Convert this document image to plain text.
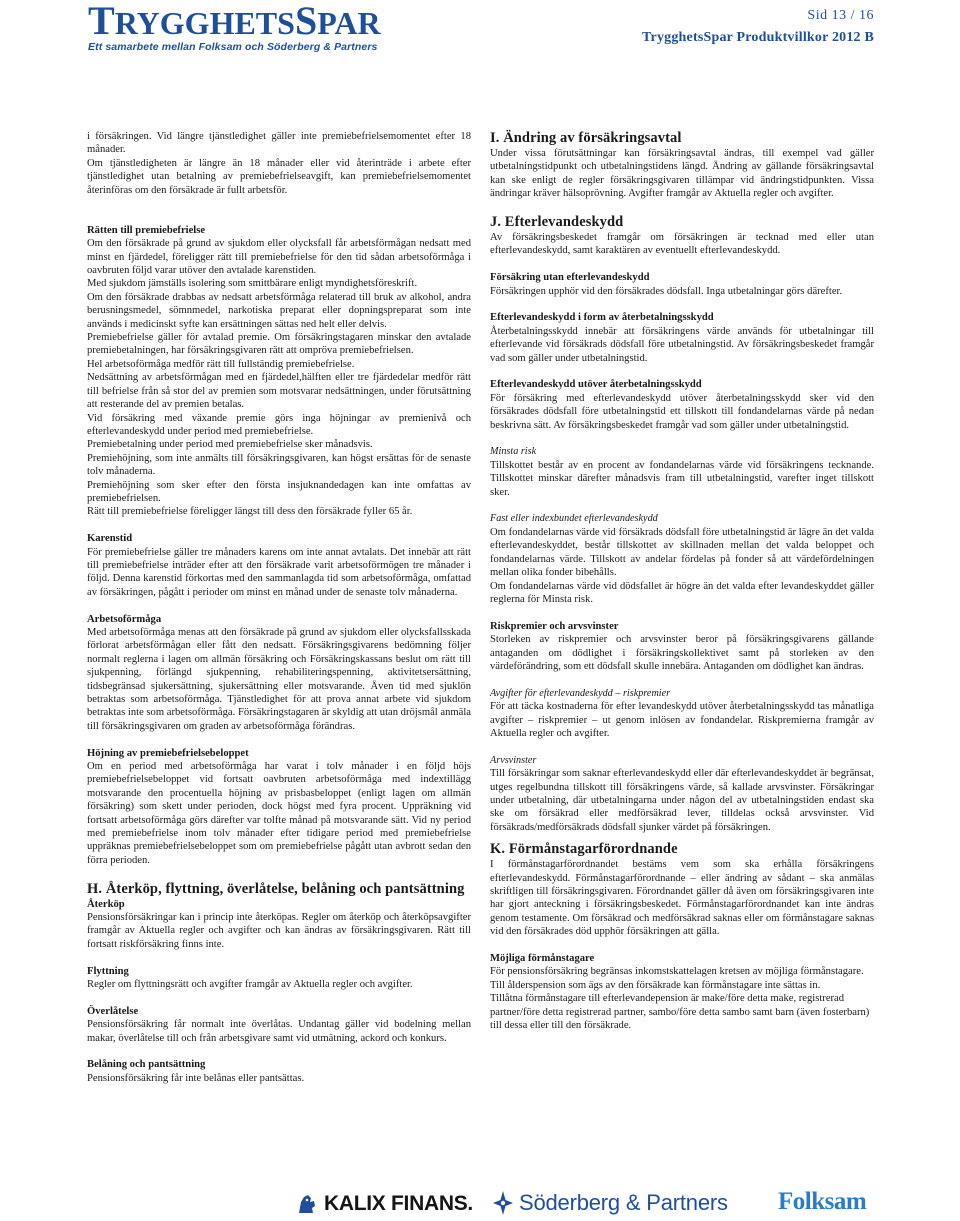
TRYGGHETSSPAR
Ett samarbete mellan Folksam och Söderberg & Partners
Sid 13 / 16
TrygghetsSpar Produktvillkor 2012 B

i försäkringen. Vid längre tjänstledighet gäller inte premiebefrielsemomentet efter 18 månader.

Om tjänstledigheten är längre än 18 månader eller vid återinträde i arbete efter tjänstledighet utan betalning av premiebefrielseavgift, kan premiebefrielsemomentet återinföras om den försäkrade är fullt arbetsför.

Rätten till premiebefrielse

Om den försäkrade på grund av sjukdom eller olycksfall får arbetsförmågan nedsatt med minst en fjärdedel, föreligger rätt till premiebefrielse för den tid sådan arbetsoförmåga i oavbruten följd varar utöver den avtalade karenstiden.

Med sjukdom jämställs isolering som smittbärare enligt myndighetsföreskrift.

Om den försäkrade drabbas av nedsatt arbetsförmåga relaterad till bruk av alkohol, andra berusningsmedel, sömnmedel, narkotiska preparat eller dopningspreparat som inte används i medicinskt syfte kan ersättningen sättas ned helt eller delvis.

Premiebefrielse gäller för avtalad premie. Om försäkringstagaren minskar den avtalade premiebetalningen, har försäkringsgivaren rätt att ompröva premiebefrielsen.

Hel arbetsoförmåga medför rätt till fullständig premiebefrielse.

Nedsättning av arbetsförmågan med en fjärdedel,hälften eller tre fjärdedelar medför rätt till befrielse från så stor del av premien som motsvarar nedsättningen, under förutsättning att resterande del av premien betalas.

Vid försäkring med växande premie görs inga höjningar av premienivå och efterlevandeskydd under period med premiebefrielse.

Premiebetalning under period med premiebefrielse sker månadsvis.

Premiehöjning, som inte anmälts till försäkringsgivaren, kan högst ersättas för de senaste tolv månaderna.

Premiehöjning som sker efter den första insjuknandedagen kan inte omfattas av premiebefrielsen.

Rätt till premiebefrielse föreligger längst till dess den försäkrade fyller 65 år.

Karenstid

För premiebefrielse gäller tre månaders karens om inte annat avtalats. Det innebär att rätt till premiebefrielse inträder efter att den försäkrade varit arbetsoförmögen tre månader i följd. Denna karenstid förkortas med den sammanlagda tid som arbetsoförmåga, omfattad av försäkringen, pågått i perioder om minst en månad under de senaste tolv månaderna.

Arbetsoförmåga

Med arbetsoförmåga menas att den försäkrade på grund av sjukdom eller olycksfallsskada förlorat arbetsförmågan eller fått den nedsatt. Försäkringsgivarens bedömning följer normalt reglerna i lagen om allmän försäkring och Försäkringskassans beslut om rätt till sjukpenning, förlängd sjukpenning, rehabiliteringspenning, aktivitetsersättning, tidsbegränsad sjukersättning, sjukersättning eller motsvarande. Även tid med sjuklön betraktas som arbetsoförmåga. Tjänstledighet för att prova annat arbete vid sjukdom betraktas inte som arbetsoförmåga. Försäkringstagaren är skyldig att utan dröjsmål anmäla till försäkringsgivaren om graden av arbetsoförmåga förändras.

Höjning av premiebefrielsebeloppet

Om en period med arbetsoförmåga har varat i tolv månader i en följd höjs premiebefrielsebeloppet vid fortsatt oavbruten arbetsoförmåga med indextillägg motsvarande den procentuella höjning av prisbasbeloppet (enligt lagen om allmän försäkring) som skett under perioden, dock högst med fyra procent. Uppräkning vid fortsatt arbetsoförmåga görs därefter var tolfte månad på motsvarande sätt. Vid ny period med premiebefrielse inom tolv månader efter tidigare period med premiebefrielse uppräknas premiebefrielsebeloppet som om premiebefrielse pågått utan avbrott sedan den förra perioden.

H. Återköp, flyttning, överlåtelse, belåning och pantsättning
Återköp

Pensionsförsäkringar kan i princip inte återköpas. Regler om återköp och återköpsavgifter framgår av Aktuella regler och avgifter och kan ändras av försäkringsgivaren. Rätt till fortsatt riskförsäkring finns inte.

Flyttning

Regler om flyttningsrätt och avgifter framgår av Aktuella regler och avgifter.

Överlåtelse

Pensionsförsäkring får normalt inte överlåtas. Undantag gäller vid bodelning mellan makar, överlåtelse till och från arbetsgivare samt vid utmätning, ackord och konkurs.

Belåning och pantsättning

Pensionsförsäkring får inte belånas eller pantsättas.

I. Ändring av försäkringsavtal

Under vissa förutsättningar kan försäkringsavtal ändras, till exempel vad gäller utbetalningstidpunkt och utbetalningstidens längd. Ändring av gällande försäkringsavtal kan ske enligt de regler försäkringsgivaren tillämpar vid ändringstidpunkten. Vissa ändringar kräver hälsoprövning. Avgifter framgår av Aktuella regler och avgifter.

J. Efterlevandeskydd

Av försäkringsbeskedet framgår om försäkringen är tecknad med eller utan efterlevandeskydd, samt karaktären av eventuellt efterlevandeskydd.

Försäkring utan efterlevandeskydd

Försäkringen upphör vid den försäkrades dödsfall. Inga utbetalningar görs därefter.

Efterlevandeskydd i form av återbetalningsskydd

Återbetalningsskydd innebär att försäkringens värde används för utbetalningar till efterlevande vid försäkrads dödsfall före utbetalningstid. Av försäkringsbeskedet framgår vad som gäller under utbetalningstid.

Efterlevandeskydd utöver återbetalningsskydd

För försäkring med efterlevandeskydd utöver återbetalningsskydd sker vid den försäkrades dödsfall före utbetalningstid ett tillskott till fondandelarnas värde på nedan beskrivna sätt. Av försäkringsbeskedet framgår vad som gäller under utbetalningstid.

Minsta risk

Tillskottet består av en procent av fondandelarnas värde vid försäkringens tecknande. Tillskottet minskar därefter månadsvis fram till utbetalningstid, varefter inget tillskott sker.

Fast eller indexbundet efterlevandeskydd

Om fondandelarnas värde vid försäkrads dödsfall före utbetalningstid är lägre än det valda efterlevandeskyddet, består tillskottet av skillnaden mellan det valda beloppet och fondandelarnas värde. Tillskott av andelar fördelas på fonder så att värdefördelningen mellan olika fonder bibehålls.

Om fondandelarnas värde vid dödsfallet är högre än det valda efter levandeskyddet gäller reglerna för Minsta risk.

Riskpremier och arvsvinster

Storleken av riskpremier och arvsvinster beror på försäkringsgivarens gällande antaganden om dödlighet i försäkringskollektivet samt på storleken av den värdeförändring, som ett dödsfall skulle innebära. Antaganden om dödlighet kan ändras.

Avgifter för efterlevandeskydd – riskpremier

För att täcka kostnaderna för efter levandeskydd utöver återbetalningsskydd tas månatliga avgifter – riskpremier – ut genom inlösen av fondandelar. Riskpremierna framgår av Aktuella regler och avgifter.

Arvsvinster

Till försäkringar som saknar efterlevandeskydd eller där efterlevandeskyddet är begränsat, utges regelbundna tillskott till försäkringens värde, så kallade arvsvinster. Försäkringar under utbetalning, där utbetalningarna under någon del av utbetalningstiden endast ska ske om försäkrad eller medförsäkrad lever, tilldelas också arvsvinster. Vid försäkrads/medförsäkrads dödsfall sjunker värdet på försäkringen.

K. Förmånstagarförordnande

I förmånstagarförordnandet bestäms vem som ska erhålla försäkringens efterlevandeskydd. Förmånstagarförordnande – eller ändring av sådant – ska anmälas skriftligen till försäkringsgivaren. Förordnandet gäller då även om försäkringsgivaren inte har gjort anteckning i försäkringsbeskedet. Förmånstagarförordnandet kan inte ändras genom testamente. Om försäkrad och medförsäkrad saknas eller om förmånstagare saknas vid den försäkrades död upphör försäkringen att gälla.

Möjliga förmånstagare

För pensionsförsäkring begränsas inkomstskattelagen kretsen av möjliga förmånstagare.

Till ålderspension som ägs av den försäkrade kan förmånstagare inte sättas in.

Tillåtna förmånstagare till efterlevandepension är make/före detta make, registrerad partner/före detta registrerad partner, sambo/före detta sambo samt barn (även fosterbarn) till dessa eller till den försäkrade.

KALIX FINANS. Söderberg & Partners Folksam
